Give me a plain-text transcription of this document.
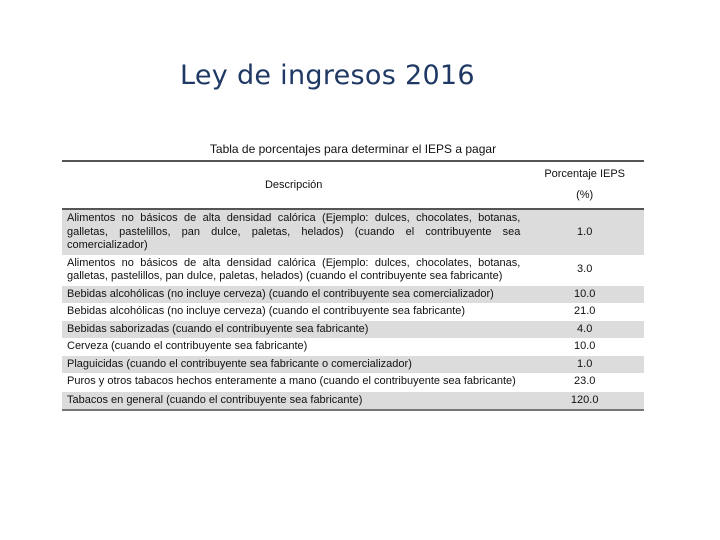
Ley de ingresos 2016
Tabla de porcentajes para determinar el IEPS a pagar
Descripción	Porcentaje IEPS
(%)

Alimentos no básicos de alta densidad calórica (Ejemplo: dulces, chocolates, botanas, galletas, pastelillos, pan dulce, paletas, helados) (cuando el contribuyente sea comercializador)	1.0
Alimentos no básicos de alta densidad calórica (Ejemplo: dulces, chocolates, botanas, galletas, pastelillos, pan dulce, paletas, helados) (cuando el contribuyente sea fabricante)	3.0
Bebidas alcohólicas (no incluye cerveza) (cuando el contribuyente sea comercializador)	10.0
Bebidas alcohólicas (no incluye cerveza) (cuando el contribuyente sea fabricante)	21.0
Bebidas saborizadas (cuando el contribuyente sea fabricante)	4.0
Cerveza (cuando el contribuyente sea fabricante)	10.0
Plaguicidas (cuando el contribuyente sea fabricante o comercializador)	1.0
Puros y otros tabacos hechos enteramente a mano (cuando el contribuyente sea fabricante)	23.0
Tabacos en general (cuando el contribuyente sea fabricante)	120.0
